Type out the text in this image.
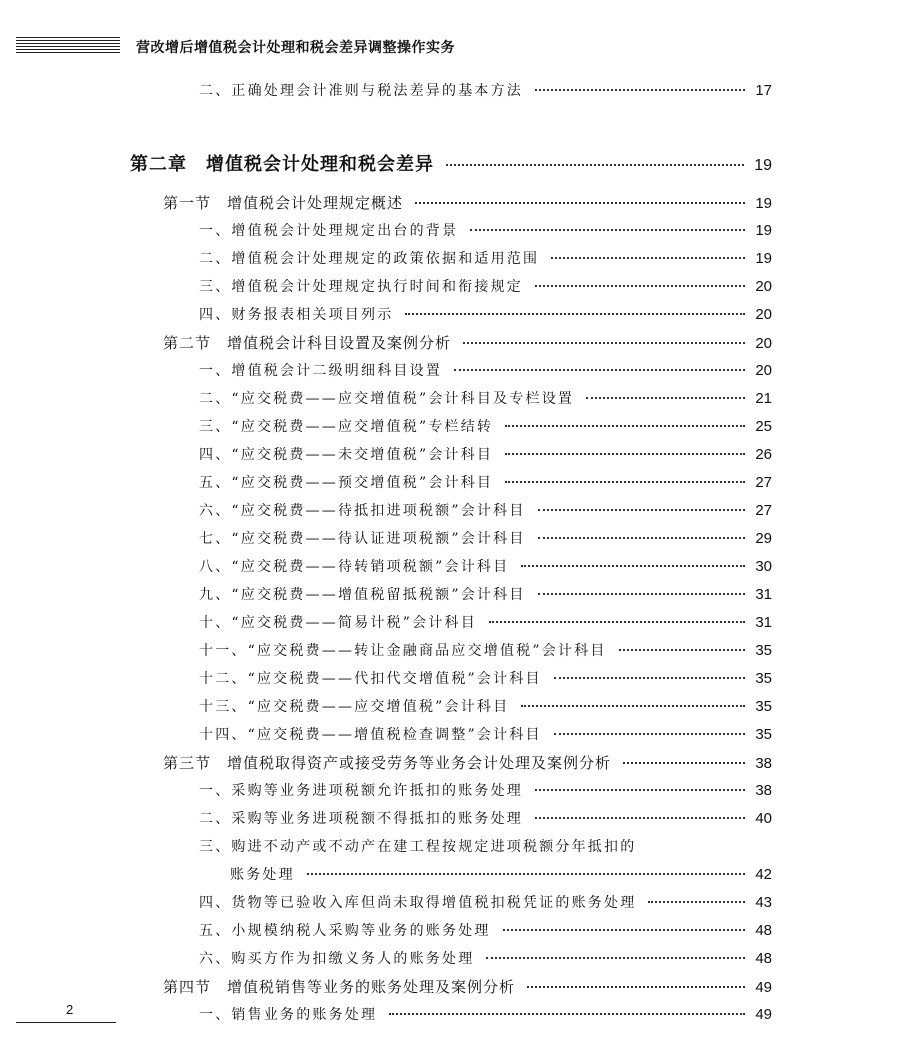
营改增后增值税会计处理和税会差异调整操作实务
二、正确处理会计准则与税法差异的基本方法	17
第二章　增值税会计处理和税会差异	19
第一节　增值税会计处理规定概述	19
一、增值税会计处理规定出台的背景	19
二、增值税会计处理规定的政策依据和适用范围	19
三、增值税会计处理规定执行时间和衔接规定	20
四、财务报表相关项目列示	20
第二节　增值税会计科目设置及案例分析	20
一、增值税会计二级明细科目设置	20
二、“应交税费——应交增值税”会计科目及专栏设置	21
三、“应交税费——应交增值税”专栏结转	25
四、“应交税费——未交增值税”会计科目	26
五、“应交税费——预交增值税”会计科目	27
六、“应交税费——待抵扣进项税额”会计科目	27
七、“应交税费——待认证进项税额”会计科目	29
八、“应交税费——待转销项税额”会计科目	30
九、“应交税费——增值税留抵税额”会计科目	31
十、“应交税费——简易计税”会计科目	31
十一、“应交税费——转让金融商品应交增值税”会计科目	35
十二、“应交税费——代扣代交增值税”会计科目	35
十三、“应交税费——应交增值税”会计科目	35
十四、“应交税费——增值税检查调整”会计科目	35
第三节　增值税取得资产或接受劳务等业务会计处理及案例分析	38
一、采购等业务进项税额允许抵扣的账务处理	38
二、采购等业务进项税额不得抵扣的账务处理	40
三、购进不动产或不动产在建工程按规定进项税额分年抵扣的
账务处理	42
四、货物等已验收入库但尚未取得增值税扣税凭证的账务处理	43
五、小规模纳税人采购等业务的账务处理	48
六、购买方作为扣缴义务人的账务处理	48
第四节　增值税销售等业务的账务处理及案例分析	49
一、销售业务的账务处理	49
2
